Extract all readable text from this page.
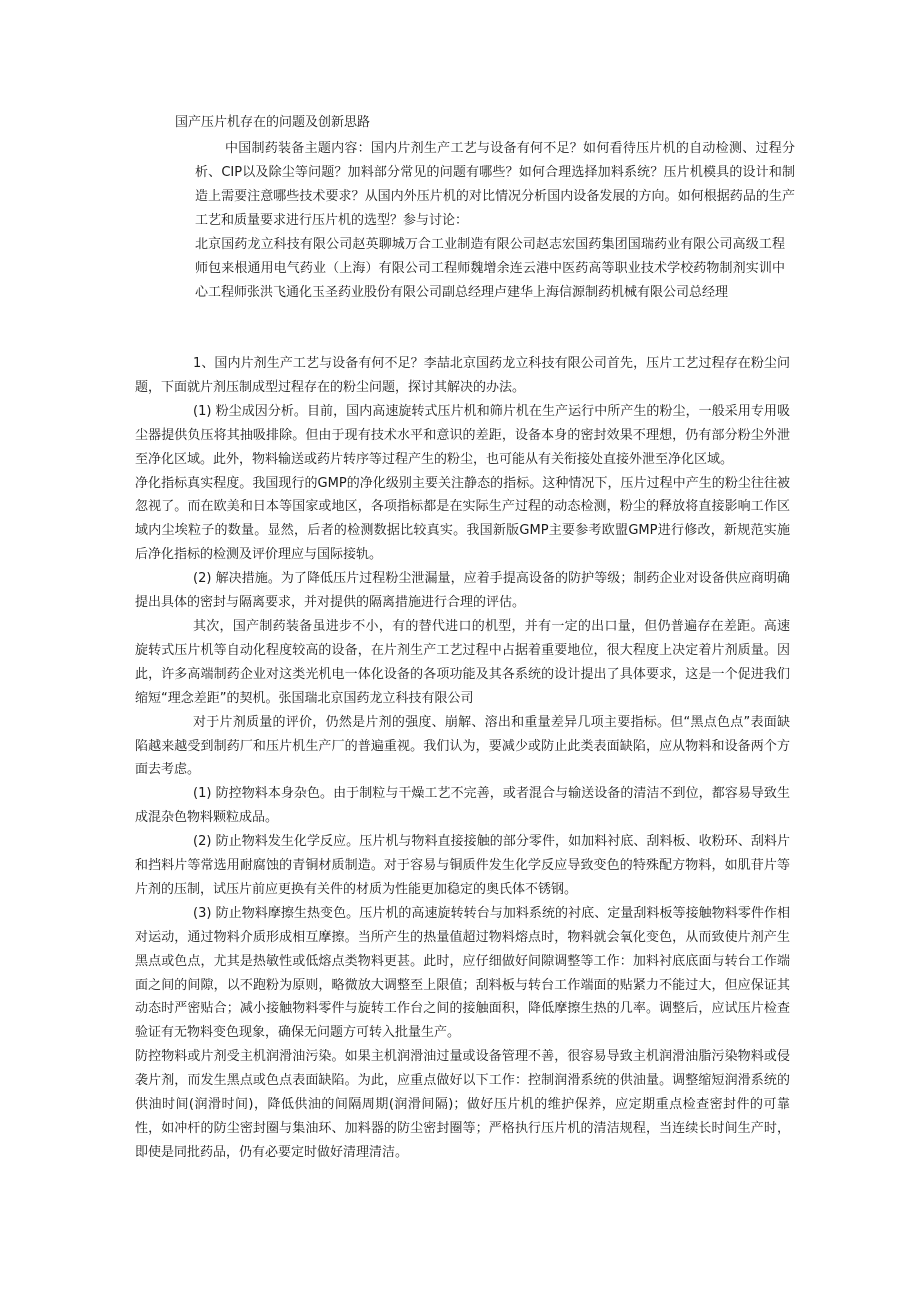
国产压片机存在的问题及创新思路
中国制药装备主题内容：国内片剂生产工艺与设备有何不足？如何看待压片机的自动检测、过程分析、CIP以及除尘等问题？加料部分常见的问题有哪些？如何合理选择加料系统？压片机模具的设计和制造上需要注意哪些技术要求？从国内外压片机的对比情况分析国内设备发展的方向。如何根据药品的生产工艺和质量要求进行压片机的选型？参与讨论：
北京国药龙立科技有限公司赵英聊城万合工业制造有限公司赵志宏国药集团国瑞药业有限公司高级工程师包来根通用电气药业（上海）有限公司工程师魏增余连云港中医药高等职业技术学校药物制剂实训中心工程师张洪飞通化玉圣药业股份有限公司副总经理卢建华上海信源制药机械有限公司总经理

1、国内片剂生产工艺与设备有何不足？李喆北京国药龙立科技有限公司首先，压片工艺过程存在粉尘问题，下面就片剂压制成型过程存在的粉尘问题，探讨其解决的办法。

(1) 粉尘成因分析。目前，国内高速旋转式压片机和筛片机在生产运行中所产生的粉尘，一般采用专用吸尘器提供负压将其抽吸排除。但由于现有技术水平和意识的差距，设备本身的密封效果不理想，仍有部分粉尘外泄至净化区域。此外，物料输送或药片转序等过程产生的粉尘，也可能从有关衔接处直接外泄至净化区域。

净化指标真实程度。我国现行的GMP的净化级别主要关注静态的指标。这种情况下，压片过程中产生的粉尘往往被忽视了。而在欧美和日本等国家或地区，各项指标都是在实际生产过程的动态检测，粉尘的释放将直接影响工作区域内尘埃粒子的数量。显然，后者的检测数据比较真实。我国新版GMP主要参考欧盟GMP进行修改，新规范实施后净化指标的检测及评价理应与国际接轨。

(2) 解决措施。为了降低压片过程粉尘泄漏量，应着手提高设备的防护等级；制药企业对设备供应商明确提出具体的密封与隔离要求，并对提供的隔离措施进行合理的评估。

其次，国产制药装备虽进步不小，有的替代进口的机型，并有一定的出口量，但仍普遍存在差距。高速旋转式压片机等自动化程度较高的设备，在片剂生产工艺过程中占据着重要地位，很大程度上决定着片剂质量。因此，许多高端制药企业对这类光机电一体化设备的各项功能及其各系统的设计提出了具体要求，这是一个促进我们缩短“理念差距”的契机。张国瑞北京国药龙立科技有限公司

对于片剂质量的评价，仍然是片剂的强度、崩解、溶出和重量差异几项主要指标。但“黑点色点”表面缺陷越来越受到制药厂和压片机生产厂的普遍重视。我们认为，要减少或防止此类表面缺陷，应从物料和设备两个方面去考虑。

(1) 防控物料本身杂色。由于制粒与干燥工艺不完善，或者混合与输送设备的清洁不到位，都容易导致生成混杂色物料颗粒成品。

(2) 防止物料发生化学反应。压片机与物料直接接触的部分零件，如加料衬底、刮料板、收粉环、刮料片和挡料片等常选用耐腐蚀的青铜材质制造。对于容易与铜质件发生化学反应导致变色的特殊配方物料，如肌苷片等片剂的压制，试压片前应更换有关件的材质为性能更加稳定的奥氏体不锈钢。

(3) 防止物料摩擦生热变色。压片机的高速旋转转台与加料系统的衬底、定量刮料板等接触物料零件作相对运动，通过物料介质形成相互摩擦。当所产生的热量值超过物料熔点时，物料就会氧化变色，从而致使片剂产生黑点或色点，尤其是热敏性或低熔点类物料更甚。此时，应仔细做好间隙调整等工作：加料衬底底面与转台工作端面之间的间隙，以不跑粉为原则，略微放大调整至上限值；刮料板与转台工作端面的贴紧力不能过大，但应保证其动态时严密贴合；减小接触物料零件与旋转工作台之间的接触面积，降低摩擦生热的几率。调整后，应试压片检查验证有无物料变色现象，确保无问题方可转入批量生产。

防控物料或片剂受主机润滑油污染。如果主机润滑油过量或设备管理不善，很容易导致主机润滑油脂污染物料或侵袭片剂，而发生黑点或色点表面缺陷。为此，应重点做好以下工作：控制润滑系统的供油量。调整缩短润滑系统的供油时间(润滑时间)，降低供油的间隔周期(润滑间隔)；做好压片机的维护保养，应定期重点检查密封件的可靠性，如冲杆的防尘密封圈与集油环、加料器的防尘密封圈等；严格执行压片机的清洁规程，当连续长时间生产时，即使是同批药品，仍有必要定时做好清理清洁。
